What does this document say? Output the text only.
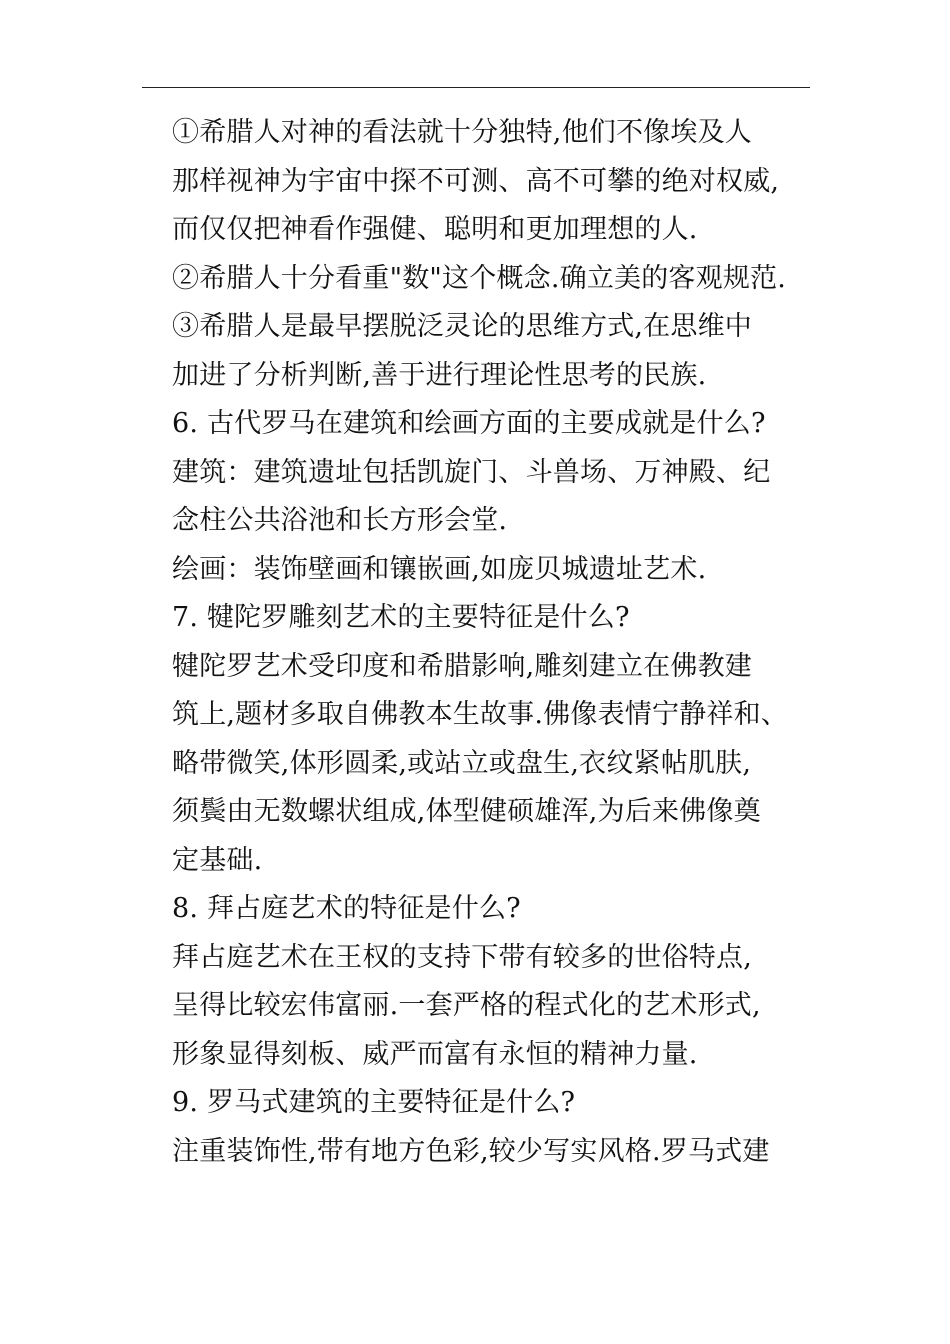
①希腊人对神的看法就十分独特,他们不像埃及人
那样视神为宇宙中探不可测、高不可攀的绝对权威,
而仅仅把神看作强健、聪明和更加理想的人.
②希腊人十分看重"数"这个概念.确立美的客观规范.
③希腊人是最早摆脱泛灵论的思维方式,在思维中
加进了分析判断,善于进行理论性思考的民族.
6. 古代罗马在建筑和绘画方面的主要成就是什么?
建筑：建筑遗址包括凯旋门、斗兽场、万神殿、纪
念柱公共浴池和长方形会堂.
绘画：装饰壁画和镶嵌画,如庞贝城遗址艺术.
7. 犍陀罗雕刻艺术的主要特征是什么?
犍陀罗艺术受印度和希腊影响,雕刻建立在佛教建
筑上,题材多取自佛教本生故事.佛像表情宁静祥和、
略带微笑,体形圆柔,或站立或盘生,衣纹紧帖肌肤,
须鬓由无数螺状组成,体型健硕雄浑,为后来佛像奠
定基础.
8. 拜占庭艺术的特征是什么?
拜占庭艺术在王权的支持下带有较多的世俗特点,
呈得比较宏伟富丽.一套严格的程式化的艺术形式,
形象显得刻板、威严而富有永恒的精神力量.
9. 罗马式建筑的主要特征是什么?
注重装饰性,带有地方色彩,较少写实风格.罗马式建
